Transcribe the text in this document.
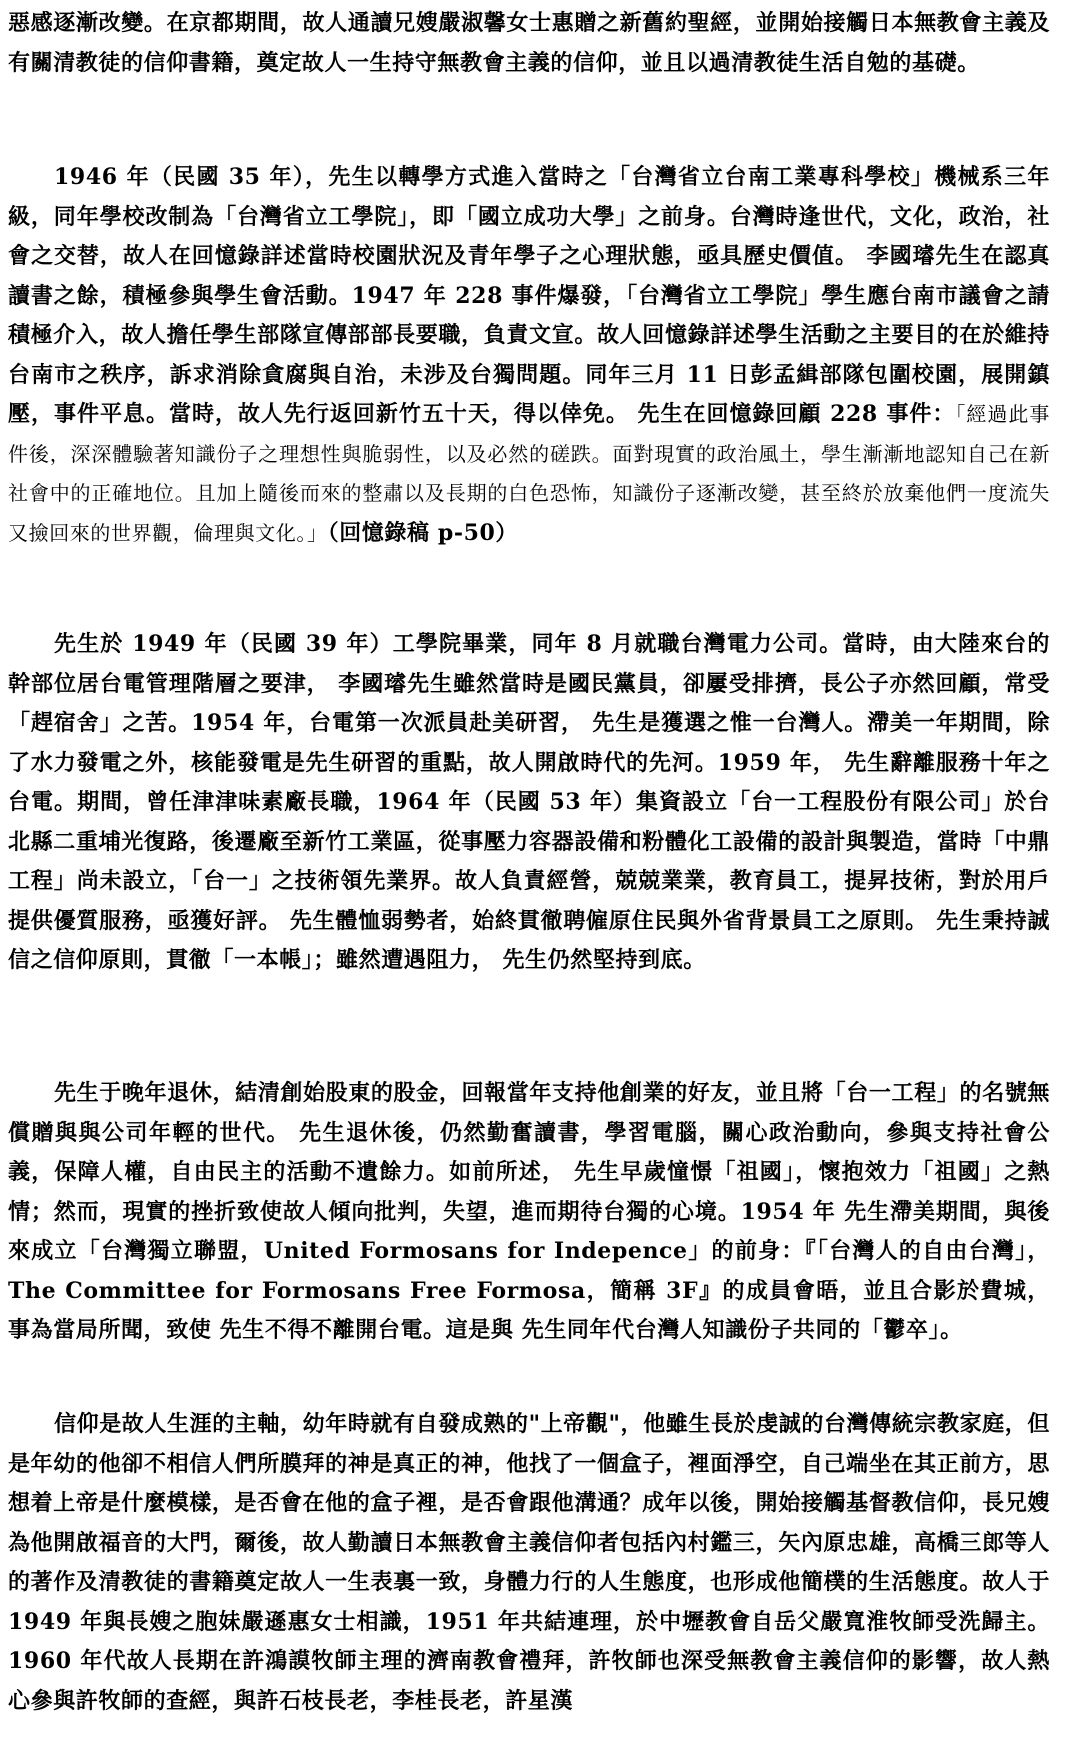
惡感逐漸改變。在京都期間，故人通讀兄嫂嚴淑馨女士惠贈之新舊約聖經，並開始接觸日本無教會主義及有關清教徒的信仰書籍，奠定故人一生持守無教會主義的信仰，並且以過清教徒生活自勉的基礎。

1946 年（民國 35 年），先生以轉學方式進入當時之「台灣省立台南工業專科學校」機械系三年級，同年學校改制為「台灣省立工學院」，即「國立成功大學」之前身。台灣時逢世代，文化，政治，社會之交替，故人在回憶錄詳述當時校園狀況及青年學子之心理狀態，亟具歷史價值。 李國璿先生在認真讀書之餘，積極參與學生會活動。1947 年 228 事件爆發，「台灣省立工學院」學生應台南市議會之請積極介入，故人擔任學生部隊宣傳部部長要職，負責文宣。故人回憶錄詳述學生活動之主要目的在於維持台南市之秩序，訴求消除貪腐與自治，未涉及台獨問題。同年三月 11 日彭孟緝部隊包圍校園，展開鎮壓，事件平息。當時，故人先行返回新竹五十天，得以倖免。 先生在回憶錄回顧 228 事件：「經過此事件後，深深體驗著知識份子之理想性與脆弱性，以及必然的磋跌。面對現實的政治風土，學生漸漸地認知自己在新社會中的正確地位。且加上隨後而來的整肅以及長期的白色恐怖，知識份子逐漸改變，甚至終於放棄他們一度流失又撿回來的世界觀，倫理與文化。」（回憶錄稿 p-50）

先生於 1949 年（民國 39 年）工學院畢業，同年 8 月就職台灣電力公司。當時，由大陸來台的幹部位居台電管理階層之要津， 李國璿先生雖然當時是國民黨員，卻屢受排擠，長公子亦然回顧，常受「趕宿舍」之苦。1954 年，台電第一次派員赴美研習， 先生是獲選之惟一台灣人。滯美一年期間，除了水力發電之外，核能發電是先生研習的重點，故人開啟時代的先河。1959 年， 先生辭離服務十年之台電。期間，曾任津津味素廠長職，1964 年（民國 53 年）集資設立「台一工程股份有限公司」於台北縣二重埔光復路，後遷廠至新竹工業區，從事壓力容器設備和粉體化工設備的設計與製造，當時「中鼎工程」尚未設立，「台一」之技術領先業界。故人負責經營，兢兢業業，教育員工，提昇技術，對於用戶提供優質服務，亟獲好評。 先生體恤弱勢者，始終貫徹聘僱原住民與外省背景員工之原則。 先生秉持誠信之信仰原則，貫徹「一本帳」；雖然遭遇阻力， 先生仍然堅持到底。

先生于晚年退休，結清創始股東的股金，回報當年支持他創業的好友，並且將「台一工程」的名號無償贈與與公司年輕的世代。 先生退休後，仍然勤奮讀書，學習電腦，關心政治動向，參與支持社會公義，保障人權，自由民主的活動不遺餘力。如前所述， 先生早歲憧憬「祖國」，懷抱效力「祖國」之熱情；然而，現實的挫折致使故人傾向批判，失望，進而期待台獨的心境。1954 年 先生滯美期間，與後來成立「台灣獨立聯盟，United Formosans for Indepence」的前身：『「台灣人的自由台灣」，The Committee for Formosans Free Formosa，簡稱 3F』的成員會晤，並且合影於費城，事為當局所聞，致使 先生不得不離開台電。這是與 先生同年代台灣人知識份子共同的「鬱卒」。

信仰是故人生涯的主軸，幼年時就有自發成熟的"上帝觀"，他雖生長於虔誠的台灣傳統宗教家庭，但是年幼的他卻不相信人們所膜拜的神是真正的神，他找了一個盒子，裡面淨空，自己端坐在其正前方，思想着上帝是什麼模樣，是否會在他的盒子裡，是否會跟他溝通？成年以後，開始接觸基督教信仰，長兄嫂為他開啟福音的大門，爾後，故人勤讀日本無教會主義信仰者包括內村鑑三，矢內原忠雄，高橋三郎等人的著作及清教徒的書籍奠定故人一生表裏一致，身體力行的人生態度，也形成他簡樸的生活態度。故人于 1949 年與長嫂之胞妹嚴遜惠女士相識，1951 年共結連理，於中壢教會自岳父嚴寬淮牧師受洗歸主。1960 年代故人長期在許鴻謨牧師主理的濟南教會禮拜，許牧師也深受無教會主義信仰的影響，故人熱心參與許牧師的查經，與許石枝長老，李桂長老，許星漢
